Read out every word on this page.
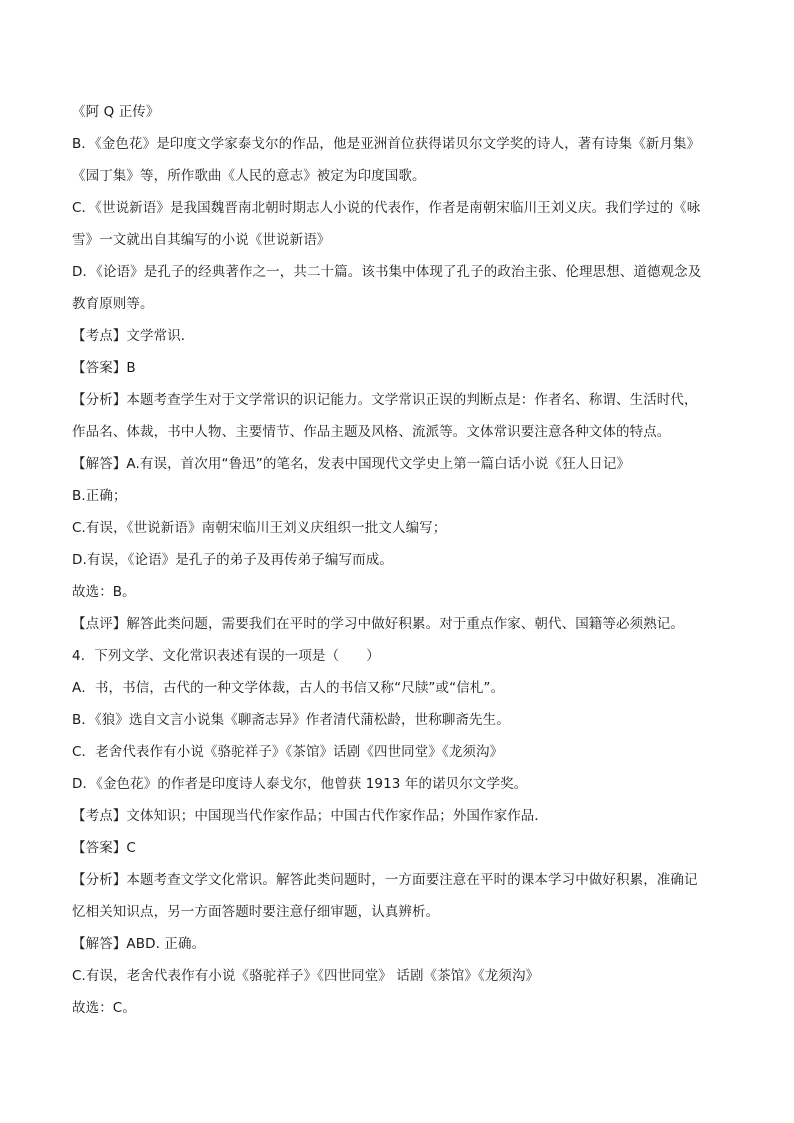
《阿 Q 正传》
B．《金色花》是印度文学家泰戈尔的作品，他是亚洲首位获得诺贝尔文学奖的诗人，著有诗集《新月集》
《园丁集》等，所作歌曲《人民的意志》被定为印度国歌。
C．《世说新语》是我国魏晋南北朝时期志人小说的代表作，作者是南朝宋临川王刘义庆。我们学过的《咏
雪》一文就出自其编写的小说《世说新语》
D．《论语》是孔子的经典著作之一，共二十篇。该书集中体现了孔子的政治主张、伦理思想、道德观念及
教育原则等。
【考点】文学常识．
【答案】B
【分析】本题考查学生对于文学常识的识记能力。文学常识正误的判断点是：作者名、称谓、生活时代，
作品名、体裁，书中人物、主要情节、作品主题及风格、流派等。文体常识要注意各种文体的特点。
【解答】A.有误，首次用“鲁迅”的笔名，发表中国现代文学史上第一篇白话小说《狂人日记》
B.正确；
C.有误，《世说新语》南朝宋临川王刘义庆组织一批文人编写；
D.有误，《论语》是孔子的弟子及再传弟子编写而成。
故选：B。
【点评】解答此类问题，需要我们在平时的学习中做好积累。对于重点作家、朝代、国籍等必须熟记。
4．下列文学、文化常识表述有误的一项是（　　）
A．书，书信，古代的一种文学体裁，古人的书信又称“尺牍”或“信札”。
B．《狼》选自文言小说集《聊斋志异》作者清代蒲松龄，世称聊斋先生。
C．老舍代表作有小说《骆驼祥子》《茶馆》话剧《四世同堂》《龙须沟》
D．《金色花》的作者是印度诗人泰戈尔，他曾获 1913 年的诺贝尔文学奖。
【考点】文体知识；中国现当代作家作品；中国古代作家作品；外国作家作品．
【答案】C
【分析】本题考查文学文化常识。解答此类问题时，一方面要注意在平时的课本学习中做好积累，准确记
忆相关知识点，另一方面答题时要注意仔细审题，认真辨析。
【解答】ABD. 正确。
C.有误，老舍代表作有小说《骆驼祥子》《四世同堂》 话剧《茶馆》《龙须沟》
故选：C。
